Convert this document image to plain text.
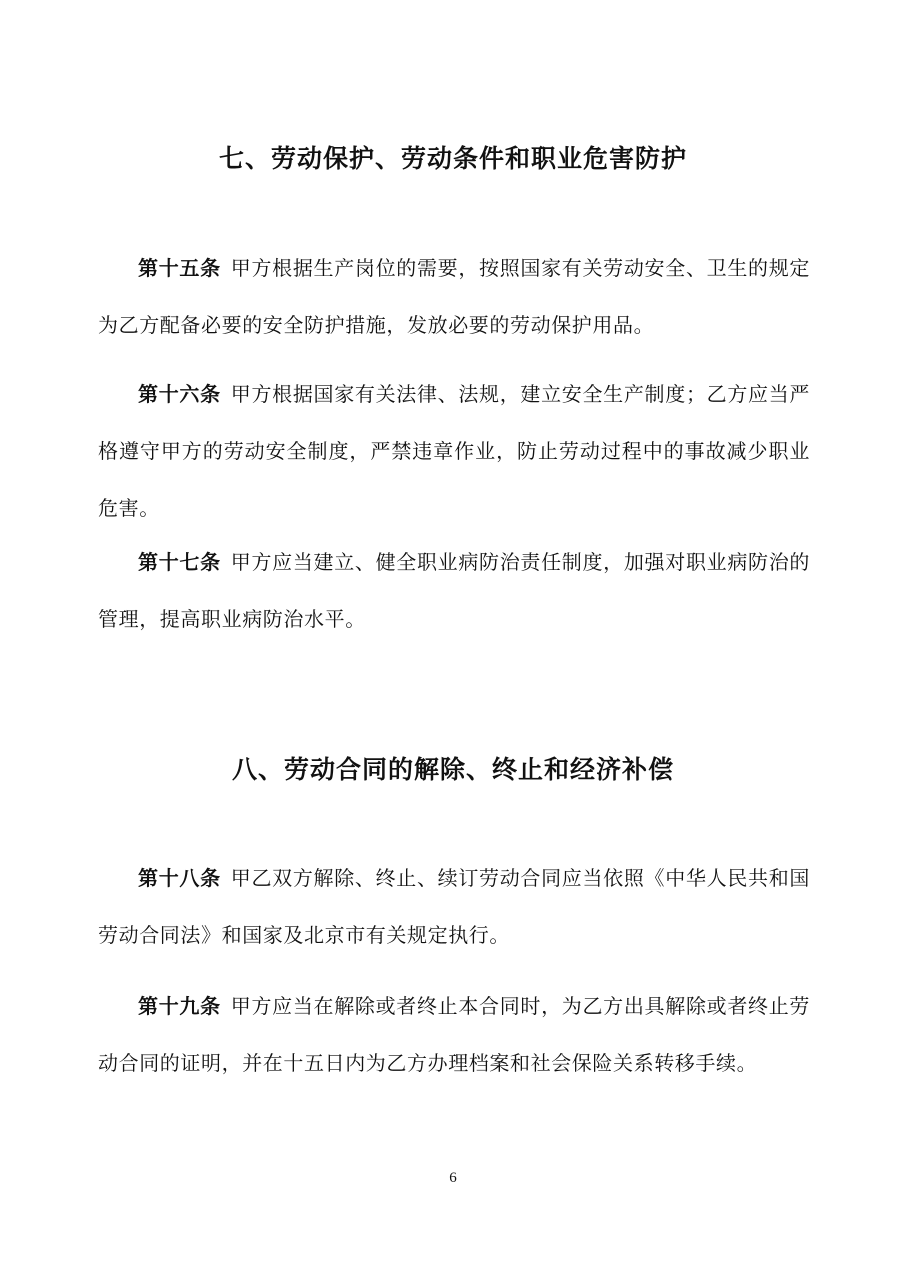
七、劳动保护、劳动条件和职业危害防护
第十五条 甲方根据生产岗位的需要，按照国家有关劳动安全、卫生的规定为乙方配备必要的安全防护措施，发放必要的劳动保护用品。
第十六条 甲方根据国家有关法律、法规，建立安全生产制度；乙方应当严格遵守甲方的劳动安全制度，严禁违章作业，防止劳动过程中的事故减少职业危害。
第十七条 甲方应当建立、健全职业病防治责任制度，加强对职业病防治的管理，提高职业病防治水平。
八、劳动合同的解除、终止和经济补偿
第十八条 甲乙双方解除、终止、续订劳动合同应当依照《中华人民共和国劳动合同法》和国家及北京市有关规定执行。
第十九条 甲方应当在解除或者终止本合同时，为乙方出具解除或者终止劳动合同的证明，并在十五日内为乙方办理档案和社会保险关系转移手续。
6
